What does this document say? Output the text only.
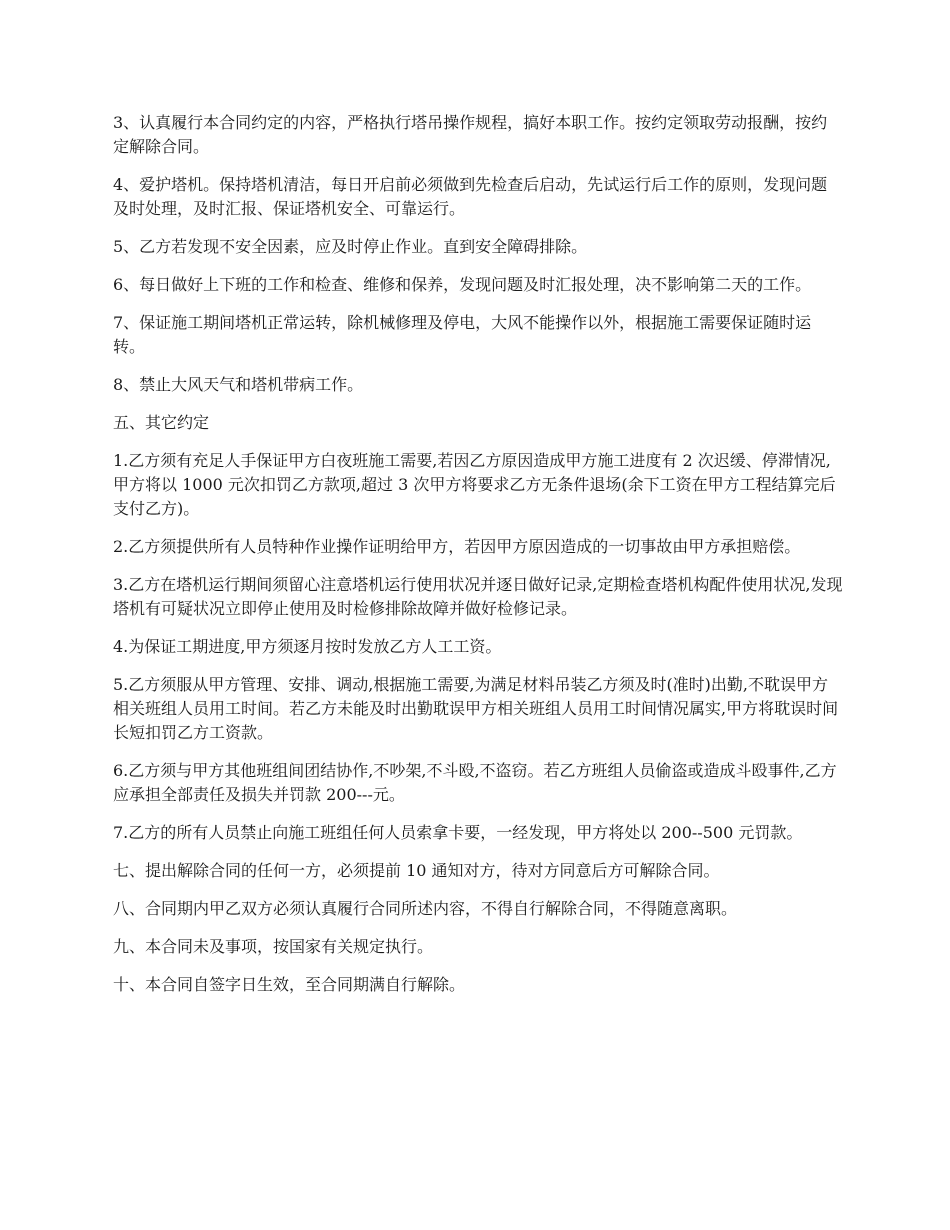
3、认真履行本合同约定的内容，严格执行塔吊操作规程，搞好本职工作。按约定领取劳动报酬，按约定解除合同。

4、爱护塔机。保持塔机清洁，每日开启前必须做到先检查后启动，先试运行后工作的原则，发现问题及时处理，及时汇报、保证塔机安全、可靠运行。

5、乙方若发现不安全因素，应及时停止作业。直到安全障碍排除。

6、每日做好上下班的工作和检查、维修和保养，发现问题及时汇报处理，决不影响第二天的工作。

7、保证施工期间塔机正常运转，除机械修理及停电，大风不能操作以外，根据施工需要保证随时运转。

8、禁止大风天气和塔机带病工作。

五、其它约定

1.乙方须有充足人手保证甲方白夜班施工需要,若因乙方原因造成甲方施工进度有 2 次迟缓、停滞情况,甲方将以 1000 元次扣罚乙方款项,超过 3 次甲方将要求乙方无条件退场(余下工资在甲方工程结算完后支付乙方)。

2.乙方须提供所有人员特种作业操作证明给甲方，若因甲方原因造成的一切事故由甲方承担赔偿。

3.乙方在塔机运行期间须留心注意塔机运行使用状况并逐日做好记录,定期检查塔机构配件使用状况,发现塔机有可疑状况立即停止使用及时检修排除故障并做好检修记录。

4.为保证工期进度,甲方须逐月按时发放乙方人工工资。

5.乙方须服从甲方管理、安排、调动,根据施工需要,为满足材料吊装乙方须及时(准时)出勤,不耽误甲方相关班组人员用工时间。若乙方未能及时出勤耽误甲方相关班组人员用工时间情况属实,甲方将耽误时间长短扣罚乙方工资款。

6.乙方须与甲方其他班组间团结协作,不吵架,不斗殴,不盗窃。若乙方班组人员偷盗或造成斗殴事件,乙方应承担全部责任及损失并罚款 200---元。

7.乙方的所有人员禁止向施工班组任何人员索拿卡要，一经发现，甲方将处以 200--500 元罚款。

七、提出解除合同的任何一方，必须提前 10 通知对方，待对方同意后方可解除合同。

八、合同期内甲乙双方必须认真履行合同所述内容，不得自行解除合同，不得随意离职。

九、本合同未及事项，按国家有关规定执行。

十、本合同自签字日生效，至合同期满自行解除。
